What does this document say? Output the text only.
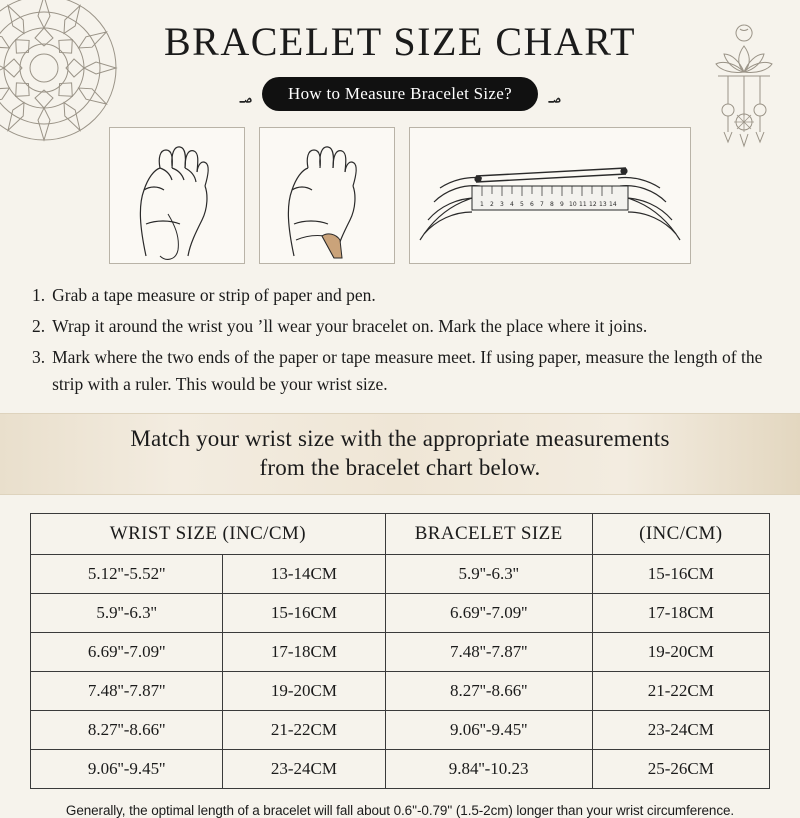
BRACELET SIZE CHART
؃	How to Measure Bracelet Size?	؃
1 2 3 4 5 6 7 8 9 10 11 12 13 14
1. Grab a tape measure or strip of paper and pen.
2. Wrap it around the wrist you ’ll wear your bracelet on. Mark the place where it joins.
3. Mark where the two ends of the paper or tape measure meet. If using paper, measure the length of the strip with a ruler. This would be your wrist size.
Match your wrist size with the appropriate measurements
from the bracelet chart below.
WRIST SIZE (INC/CM)		BRACELET SIZE	(INC/CM)
5.12''-5.52''	13-14CM	5.9''-6.3''	15-16CM
5.9''-6.3''	15-16CM	6.69''-7.09''	17-18CM
6.69''-7.09''	17-18CM	7.48''-7.87''	19-20CM
7.48''-7.87''	19-20CM	8.27''-8.66''	21-22CM
8.27''-8.66''	21-22CM	9.06''-9.45''	23-24CM
9.06''-9.45''	23-24CM	9.84''-10.23	25-26CM
Generally, the optimal length of a bracelet will fall about 0.6''-0.79'' (1.5-2cm) longer than your wrist circumference.
